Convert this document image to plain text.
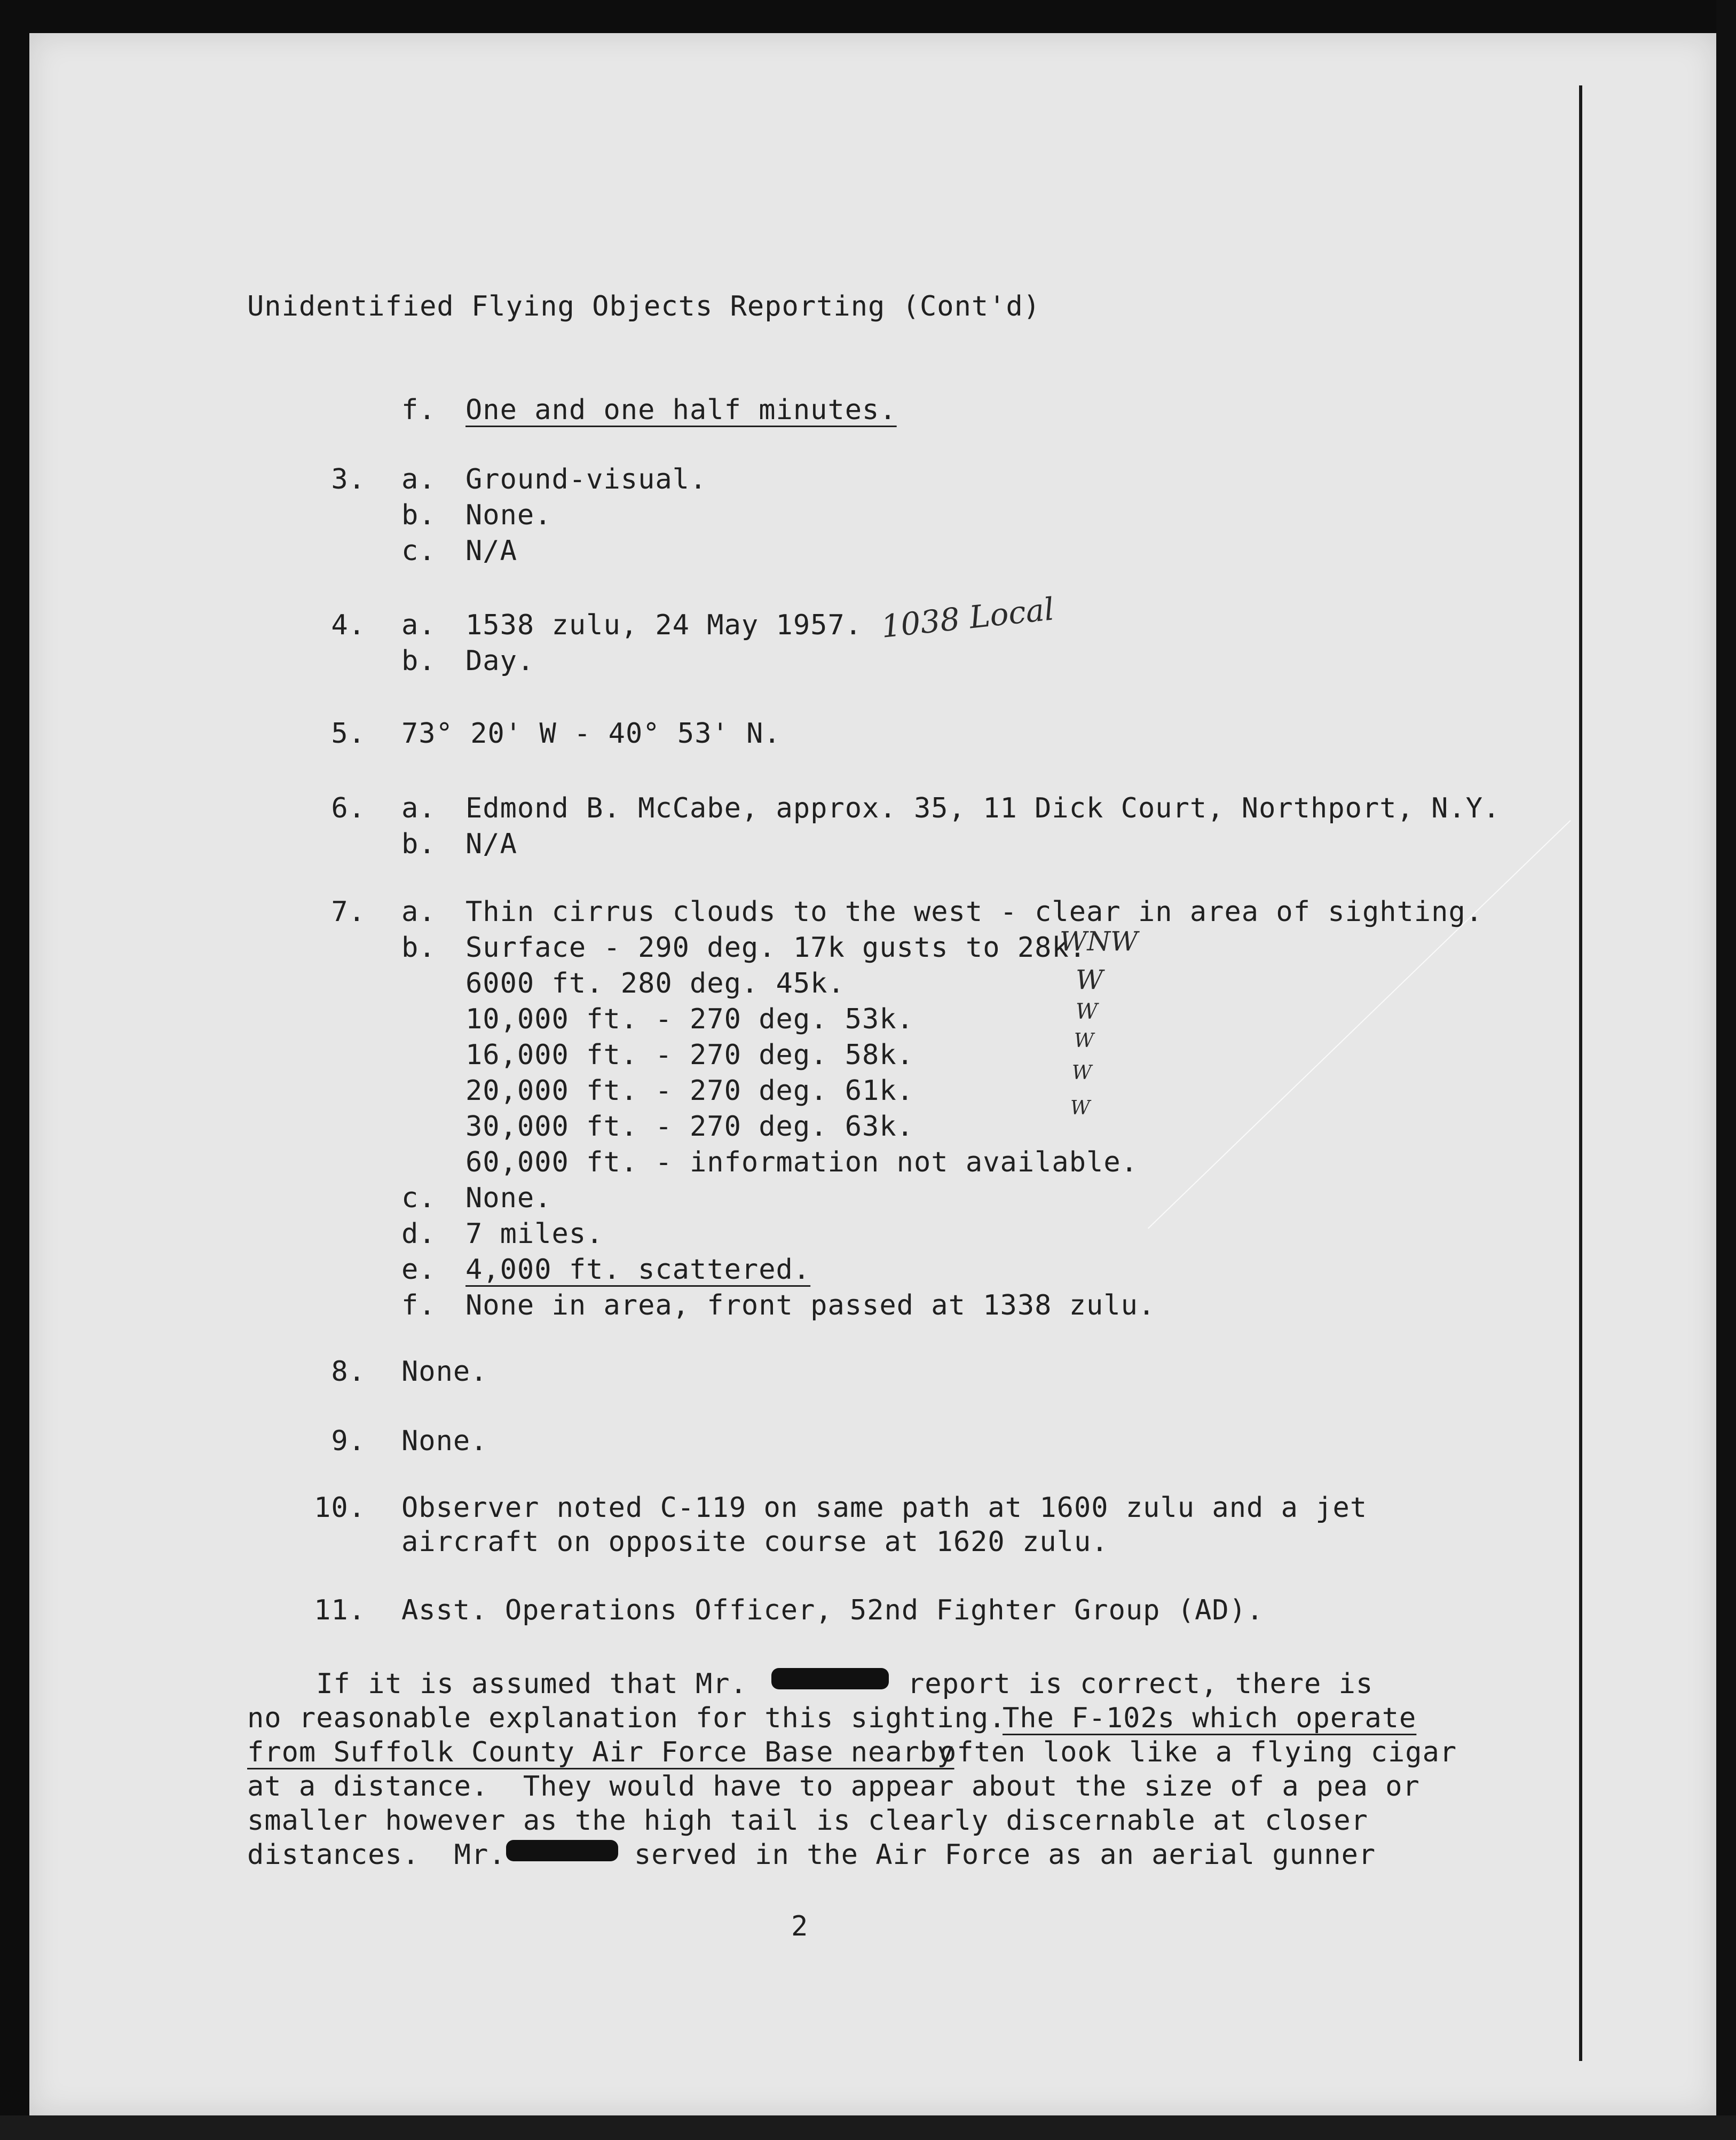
Unidentified Flying Objects Reporting (Cont'd)
f. One and one half minutes.
3. a. Ground-visual.
b. None.
c. N/A
4. a. 1538 zulu, 24 May 1957. 1038 Local
b. Day.
5. 73° 20' W - 40° 53' N.
6. a. Edmond B. McCabe, approx. 35, 11 Dick Court, Northport, N.Y.
b. N/A
7. a. Thin cirrus clouds to the west - clear in area of sighting.
b. Surface - 290 deg. 17k gusts to 28k.
6000 ft. 280 deg. 45k.
10,000 ft. - 270 deg. 53k.
16,000 ft. - 270 deg. 58k.
20,000 ft. - 270 deg. 61k.
30,000 ft. - 270 deg. 63k.
60,000 ft. - information not available.
WNW
W
W
W
W
W
c. None.
d. 7 miles.
e. 4,000 ft. scattered.
f. None in area, front passed at 1338 zulu.
8. None.
9. None.
10. Observer noted C-119 on same path at 1600 zulu and a jet
aircraft on opposite course at 1620 zulu.
11. Asst. Operations Officer, 52nd Fighter Group (AD).
If it is assumed that Mr.	report is correct, there is
no reasonable explanation for this sighting.
The F-102s which operate
from Suffolk County Air Force Base nearby
often look like a flying cigar
at a distance.  They would have to appear about the size of a pea or
smaller however as the high tail is clearly discernable at closer
distances.  Mr.	served in the Air Force as an aerial gunner
2
